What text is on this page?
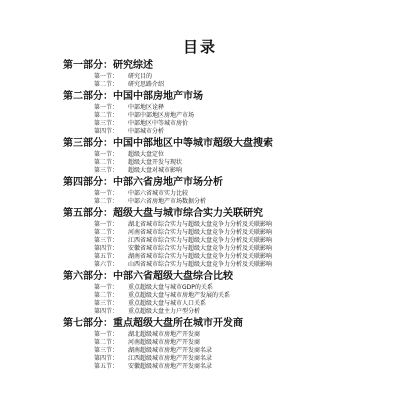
目录
第一部分： 研究综述
第一节： 研究目的
第二节： 研究思路介绍
第二部分： 中国中部房地产市场
第一节： 中部地区诠释
第二节： 中部中部地区房地产市场
第三节： 中部地区中等城市房价
第四节： 中部城市分析
第三部分： 中国中部地区中等城市超级大盘搜索
第一节： 超级大盘定位
第二节： 超级大盘开发与现状
第三节： 超级大盘对城市影响
第四部分： 中部六省房地产市场分析
第一节： 中部六省城市实力比较
第二节： 中部六省房地产市场数据分析
第五部分： 超级大盘与城市综合实力关联研究
第一节： 湖北省城市综合实力与超级大盘竞争力分析及关联影响
第二节： 河南省城市综合实力与超级大盘竞争力分析及关联影响
第三节： 江西省城市综合实力与超级大盘竞争力分析及关联影响
第四节： 安徽省城市综合实力与超级大盘竞争力分析及关联影响
第五节： 湖南省城市综合实力与超级大盘竞争力分析及关联影响
第六节： 山西省城市综合实力与超级大盘竞争力分析及关联影响
第六部分： 中部六省超级大盘综合比较
第一节： 重点超级大盘与城市GDP的关系
第二节： 重点超级大盘与城市房地产发展的关系
第三节： 重点超级大盘与城市人口关系
第四节： 重点超级大盘主力户型分析
第七部分： 重点超级大盘所在城市开发商
第一节： 湖北超级城市房地产开发商
第二节： 河南超级城市房地产开发商
第三节： 湖南超级城市房地产开发商名录
第四节： 江西超级城市房地产开发商名录
第五节： 安徽超级城市房地产开发商名录
